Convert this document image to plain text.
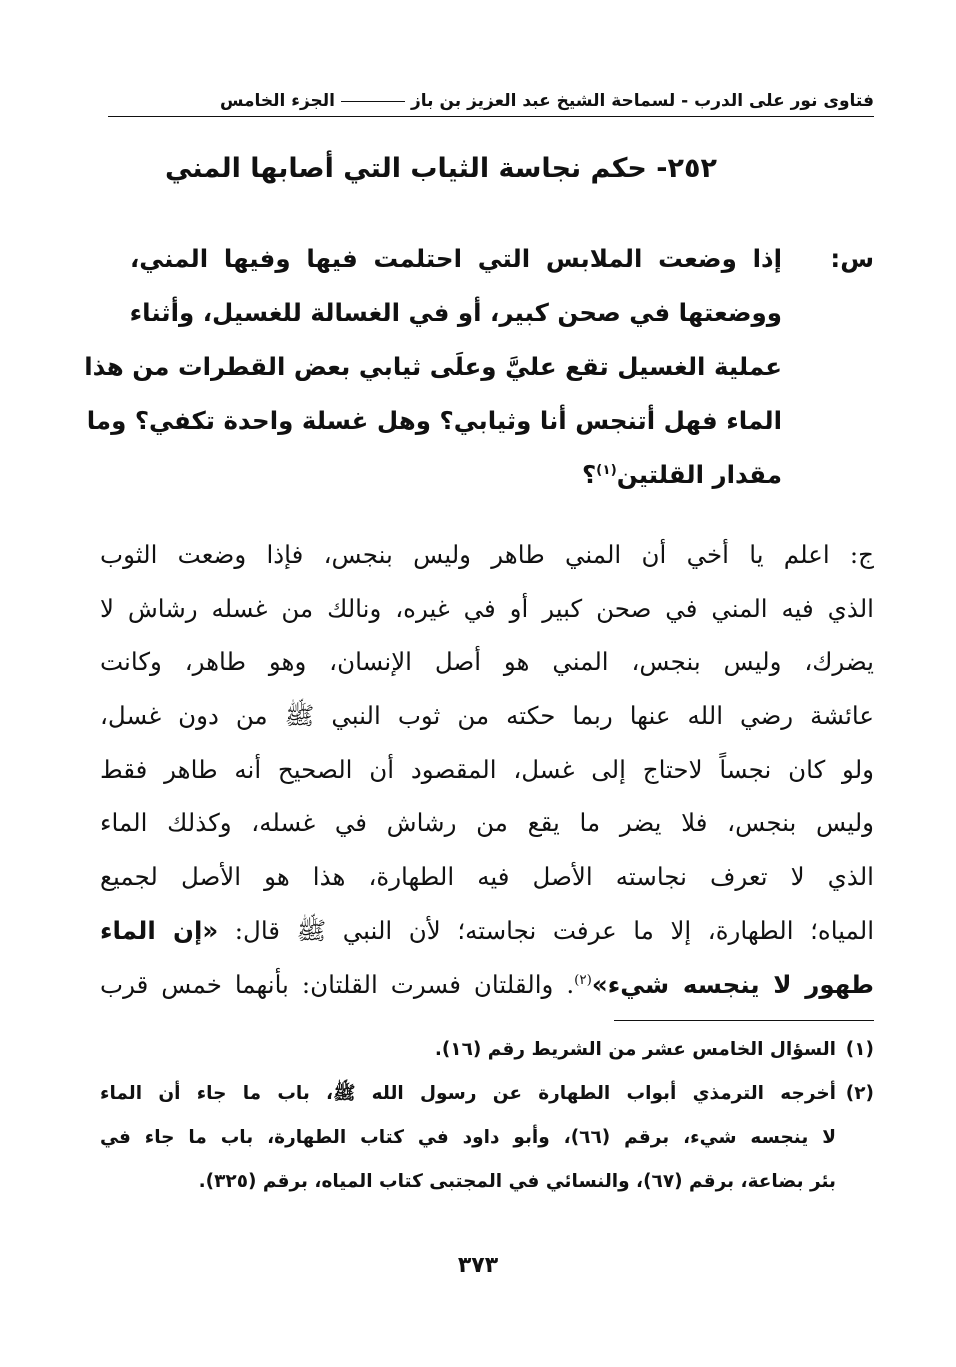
فتاوى نور على الدرب - لسماحة الشيخ عبد العزيز بن بازالجزء الخامس
٢٥٢- حكم نجاسة الثياب التي أصابها المني
س:
إذا وضعت الملابس التي احتلمت فيها وفيها المني،
ووضعتها في صحن كبير، أو في الغسالة للغسيل، وأثناء
عملية الغسيل تقع عليَّ وعلَى ثيابي بعض القطرات من هذا
الماء فهل أتنجس أنا وثيابي؟ وهل غسلة واحدة تكفي؟ وما
مقدار القلتين$^{(١)}$؟
ج: اعلم يا أخي أن المني طاهر وليس بنجس، فإذا وضعت الثوب
الذي فيه المني في صحن كبير أو في غيره، ونالك من غسله رشاش لا
يضرك، وليس بنجس، المني هو أصل الإنسان، وهو طاهر، وكانت
عائشة رضي الله عنها ربما حكته من ثوب النبي ﷺ من دون غسل،
ولو كان نجساً لاحتاج إلى غسل، المقصود أن الصحيح أنه طاهر فقط
وليس بنجس، فلا يضر ما يقع من رشاش في غسله، وكذلك الماء
الذي لا تعرف نجاسته الأصل فيه الطهارة، هذا هو الأصل لجميع
المياه؛ الطهارة، إلا ما عرفت نجاسته؛ لأن النبي ﷺ قال: «إن الماء
طهور لا ينجسه شيء»$^{(٢)}$. والقلتان فسرت القلتان: بأنهما خمس قرب
(١)
السؤال الخامس عشر من الشريط رقم (١٦).
(٢)
أخرجه الترمذي أبواب الطهارة عن رسول الله ﷺ، باب ما جاء أن الماء
لا ينجسه شيء، برقم (٦٦)، وأبو داود في كتاب الطهارة، باب ما جاء في
بئر بضاعة، برقم (٦٧)، والنسائي في المجتبى كتاب المياه، برقم (٣٢٥).
٣٧٣
